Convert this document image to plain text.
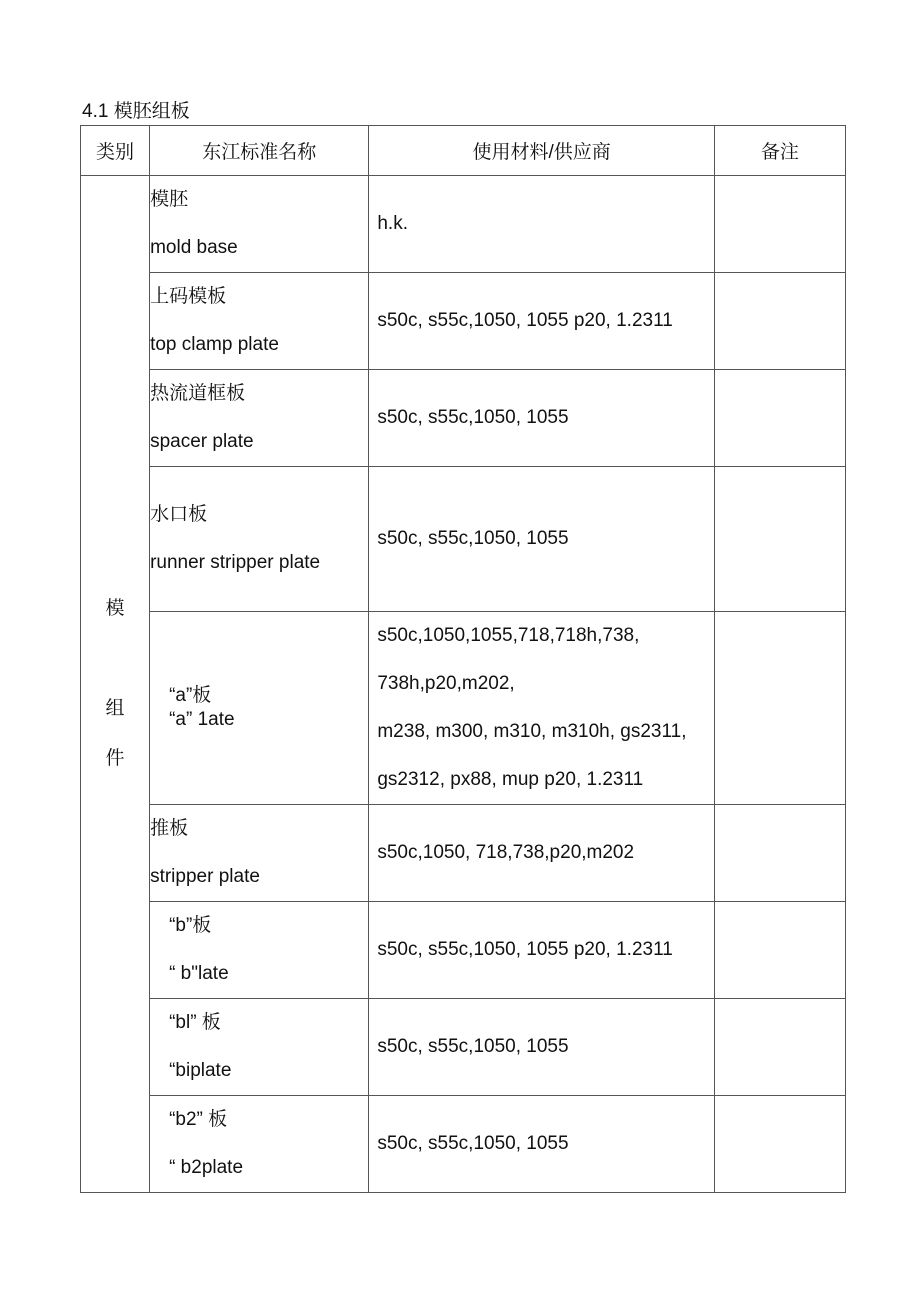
4.1 模胚组板
类别	东江标准名称	使用材料/供应商	备注

模
组
件	模胚
mold base	h.k.	

	上码模板
top clamp plate	s50c, s55c,1050, 1055 p20, 1.2311	

	热流道框板
spacer plate	s50c, s55c,1050, 1055	

	水口板
runner stripper plate	s50c, s55c,1050, 1055	

	“a”板
“a” 1ate	s50c,1050,1055,718,718h,738,
738h,p20,m202,
m238, m300, m310, m310h, gs2311,
gs2312, px88, mup p20, 1.2311	

	推板
stripper plate	s50c,1050, 718,738,p20,m202	

	“b”板
“ b"late	s50c, s55c,1050, 1055 p20, 1.2311	

	“bl” 板
“biplate	s50c, s55c,1050, 1055	

	“b2” 板
“ b2plate	s50c, s55c,1050, 1055	
